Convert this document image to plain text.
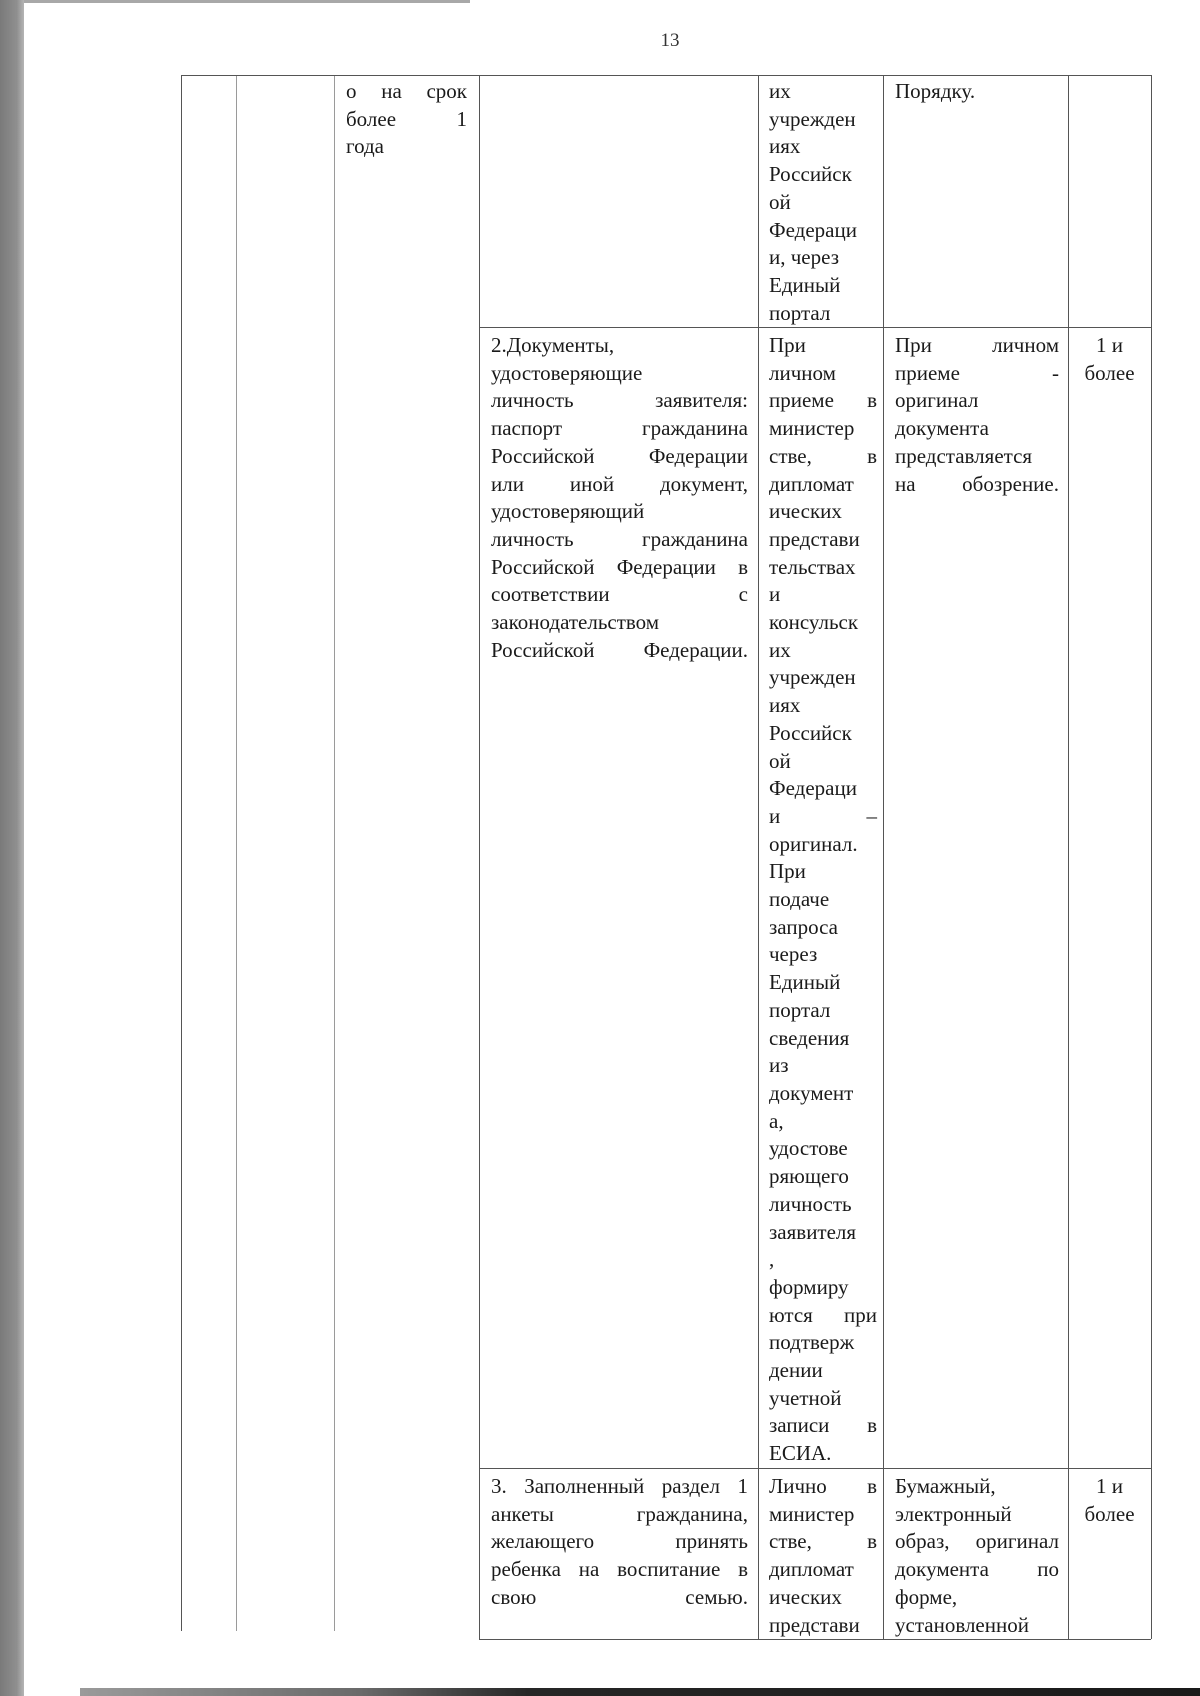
13
о на срок
более 1
года
их
учрежден
иях
Российск
ой
Федераци
и, через
Единый
портал
Порядку.
2.Документы,
удостоверяющие
личность заявителя:
паспорт гражданина
Российской Федерации
или иной документ,
удостоверяющий
личность гражданина
Российской Федерации в
соответствии с
законодательством
Российской Федерации.
При
личном
приеме в
министер
стве, в
дипломат
ических
представи
тельствах
и
консульск
их
учрежден
иях
Российск
ой
Федераци
и –
оригинал.
При
подаче
запроса
через
Единый
портал
сведения
из
документ
а,
удостове
ряющего
личность
заявителя
,
формиру
ются при
подтверж
дении
учетной
записи в
ЕСИА.
При личном
приеме -
оригинал
документа
представляется
на обозрение.
1 и
более
3. Заполненный раздел 1
анкеты гражданина,
желающего принять
ребенка на воспитание в
свою семью.
Лично в
министер
стве, в
дипломат
ических
представи
Бумажный,
электронный
образ, оригинал
документа по
форме,
установленной
1 и
более
